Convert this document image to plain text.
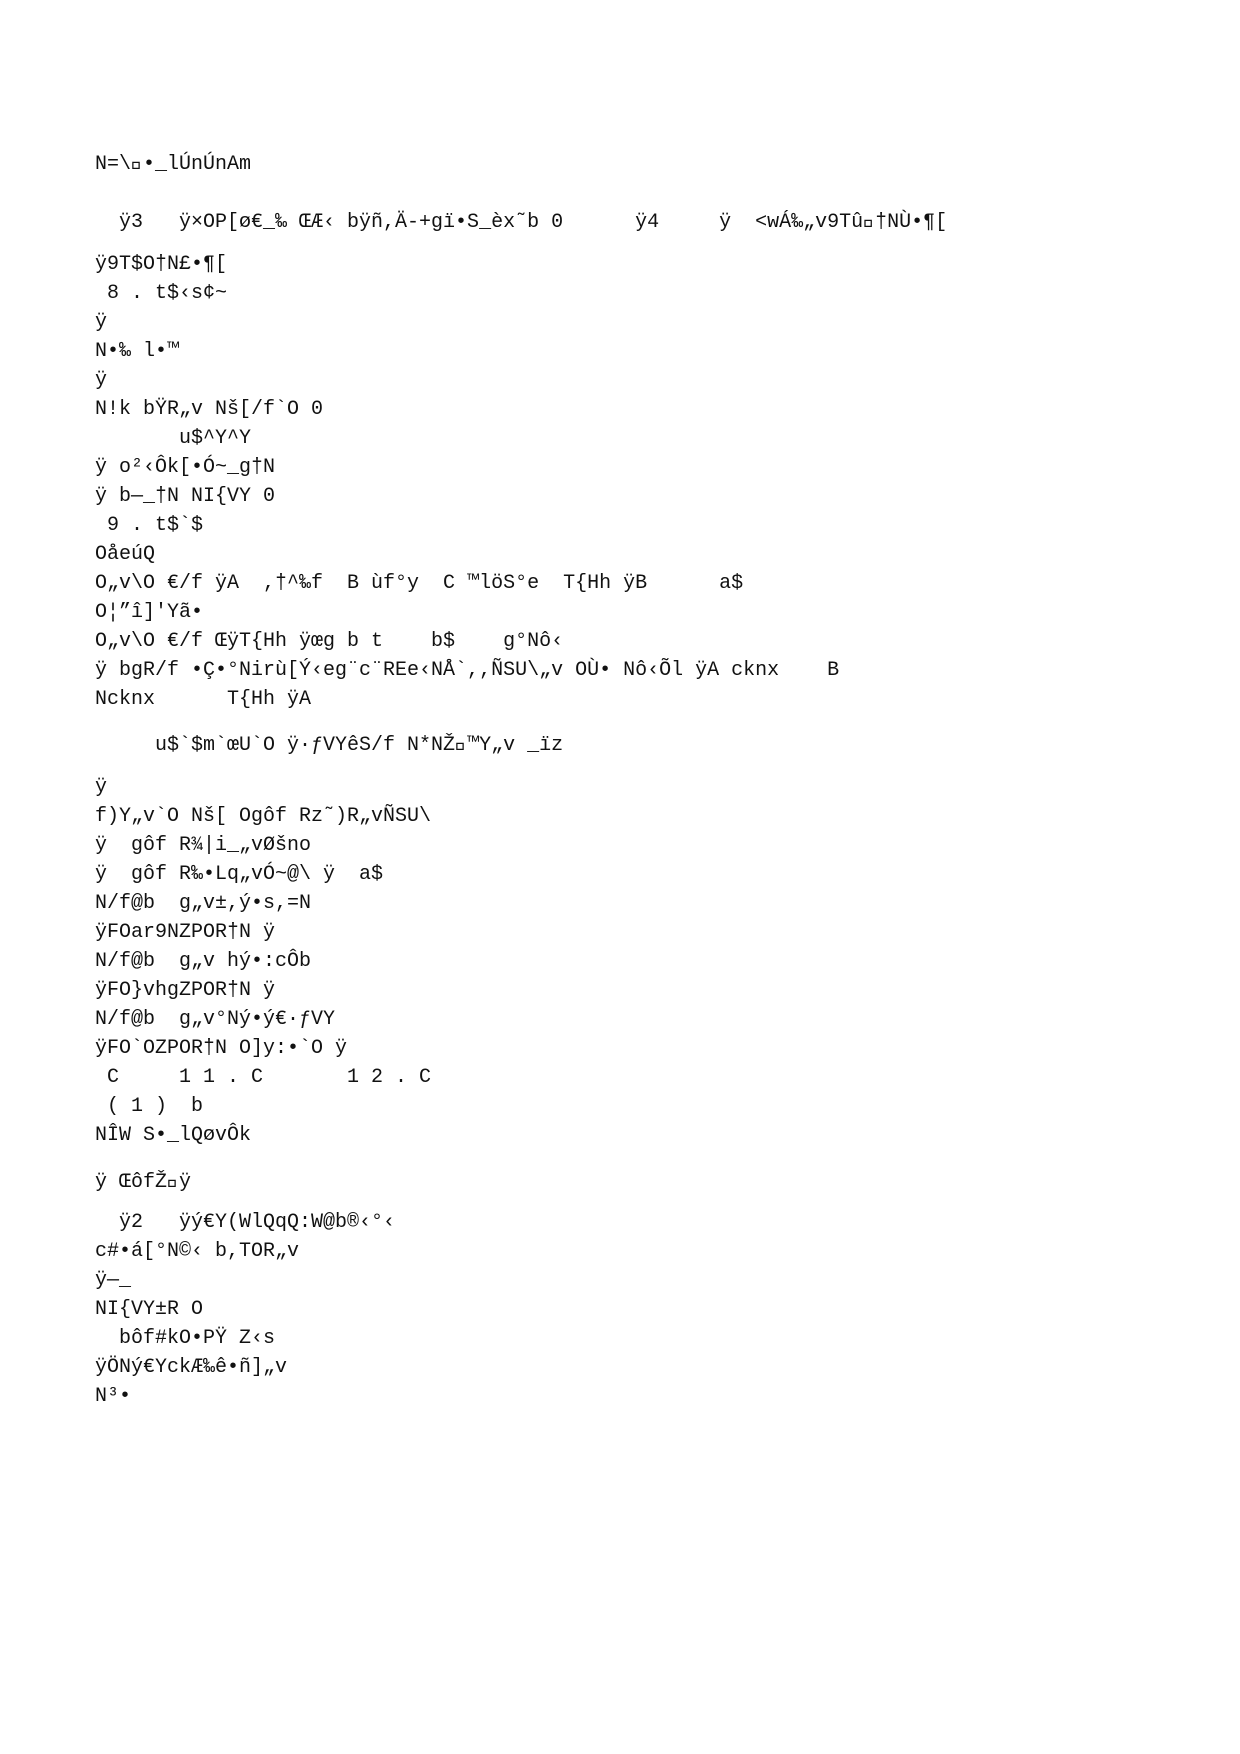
N=\ •_lÚnÚnAm
ÿ3   ÿ×OP[ø€_‰ ŒÆ‹ bÿñ,Ä-+gï•S_èx˜b 0      ÿ4     ÿ  <wÁ‰„v9Tû †NÙ•¶[
ÿ9T$O†N£•¶[
8 . t$‹s¢~
ÿ
N•‰ l•™
ÿ
N!k bŸR„v Nš[/f`O 0
u$^Y^Y
ÿ o²‹Ôk[•Ó~_g†N
ÿ b—_†N NI{VY 0
9 . t$`$
OåeúQ
O„v\O €/f ÿA  ,†^‰f  B ùf°y  C ™löS°e  T{Hh ÿB      a$
O¦”î]'Yã•
O„v\O €/f ŒÿT{Hh ÿœg b t    b$    g°Nô‹
ÿ bgR/f •Ç•°Nirù[Ý‹eg¨c¨REe‹NÅ`,,ÑSU\„v OÙ• Nô‹Õl ÿA cknx    B
Ncknx      T{Hh ÿA
u$`$m`œU`O ÿ·ƒVYêS/f N*NŽ ™Y„v _ïz
ÿ
f)Y„v`O Nš[ Ogôf Rz˜)R„vÑSU\
ÿ  gôf R¾|i_„vØšno
ÿ  gôf R‰•Lq„vÓ~@\ ÿ  a$
N/f@b  g„v±,ý•s,=N
ÿFOar9NZPOR†N ÿ
N/f@b  g„v hý•:cÔb
ÿFO}vhgZPOR†N ÿ
N/f@b  g„v°Ný•ý€·ƒVY
ÿFO`OZPOR†N O]y:•`O ÿ
C     1 1 . C       1 2 . C
( 1 )  b
NÎW S•_lQøvÔk
ÿ ŒôfŽ ÿ
ÿ2   ÿý€Y(WlQqQ:W@b®‹°‹
c#•á[°N©‹ b,TOR„v
ÿ—_
NI{VY±R O
bôf#kO•PŸ Z‹s
ÿÖNý€YckÆ‰ê•ñ]„v
N³•
